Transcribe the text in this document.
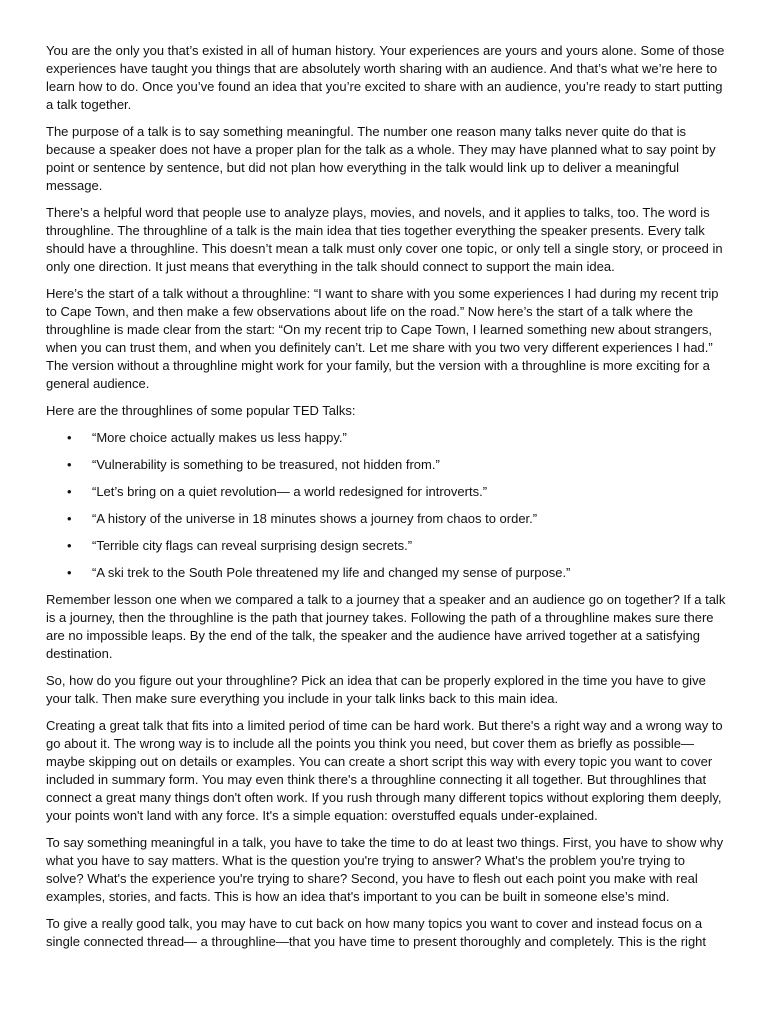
You are the only you that’s existed in all of human history. Your experiences are yours and yours alone. Some of those experiences have taught you things that are absolutely worth sharing with an audience. And that’s what we’re here to learn how to do. Once you’ve found an idea that you’re excited to share with an audience, you’re ready to start putting a talk together.

The purpose of a talk is to say something meaningful. The number one reason many talks never quite do that is because a speaker does not have a proper plan for the talk as a whole. They may have planned what to say point by point or sentence by sentence, but did not plan how everything in the talk would link up to deliver a meaningful message.

There’s a helpful word that people use to analyze plays, movies, and novels, and it applies to talks, too. The word is throughline. The throughline of a talk is the main idea that ties together everything the speaker presents. Every talk should have a throughline. This doesn’t mean a talk must only cover one topic, or only tell a single story, or proceed in only one direction. It just means that everything in the talk should connect to support the main idea.

Here’s the start of a talk without a throughline: “I want to share with you some experiences I had during my recent trip to Cape Town, and then make a few observations about life on the road.” Now here’s the start of a talk where the throughline is made clear from the start: “On my recent trip to Cape Town, I learned something new about strangers, when you can trust them, and when you definitely can’t. Let me share with you two very different experiences I had.” The version without a throughline might work for your family, but the version with a throughline is more exciting for a general audience.

Here are the throughlines of some popular TED Talks:

• “More choice actually makes us less happy.”
• “Vulnerability is something to be treasured, not hidden from.”
• “Let’s bring on a quiet revolution— a world redesigned for introverts.”
• “A history of the universe in 18 minutes shows a journey from chaos to order.”
• “Terrible city flags can reveal surprising design secrets.”
• “A ski trek to the South Pole threatened my life and changed my sense of purpose.”

Remember lesson one when we compared a talk to a journey that a speaker and an audience go on together? If a talk is a journey, then the throughline is the path that journey takes. Following the path of a throughline makes sure there are no impossible leaps. By the end of the talk, the speaker and the audience have arrived together at a satisfying destination.

So, how do you figure out your throughline? Pick an idea that can be properly explored in the time you have to give your talk. Then make sure everything you include in your talk links back to this main idea.

Creating a great talk that fits into a limited period of time can be hard work. But there's a right way and a wrong way to go about it. The wrong way is to include all the points you think you need, but cover them as briefly as possible— maybe skipping out on details or examples. You can create a short script this way with every topic you want to cover included in summary form. You may even think there's a throughline connecting it all together. But throughlines that connect a great many things don't often work. If you rush through many different topics without exploring them deeply, your points won't land with any force. It's a simple equation: overstuffed equals under-explained.

To say something meaningful in a talk, you have to take the time to do at least two things. First, you have to show why what you have to say matters. What is the question you're trying to answer? What's the problem you're trying to solve? What's the experience you're trying to share? Second, you have to flesh out each point you make with real examples, stories, and facts. This is how an idea that's important to you can be built in someone else’s mind.

To give a really good talk, you may have to cut back on how many topics you want to cover and instead focus on a single connected thread— a throughline—that you have time to present thoroughly and completely. This is the right
